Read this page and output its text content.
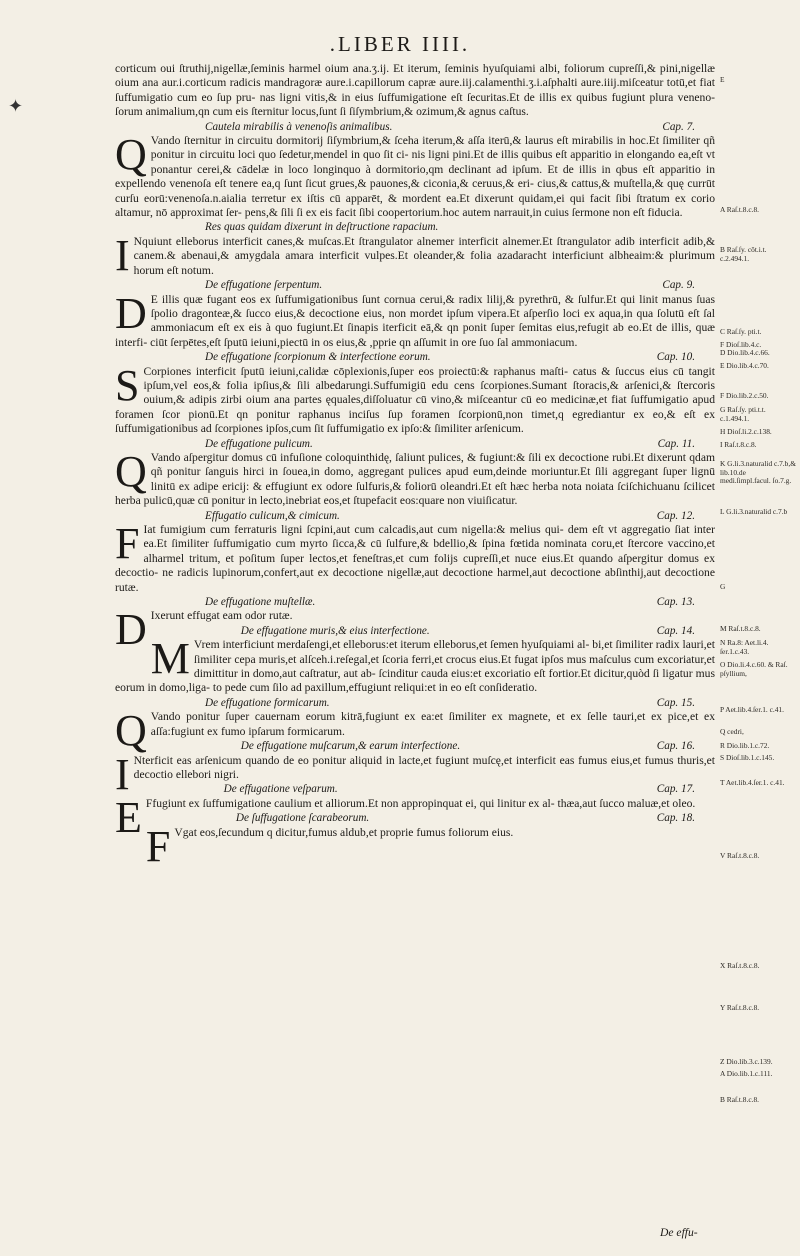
.LIBER IIII.
✦

corticum oui ſtruthij,nigellæ,ſeminis harmel oium ana.ʒ.ij. Et iterum, ſeminis hyuſquiami albi, foliorum cupreſſi,& pini,nigellæ oium ana aur.i.corticum radicis mandragoræ aure.i.capillorum capræ aure.iij.calamenthi.ʒ.i.aſphalti aure.iiij.miſceatur totū,et fiat ſuffumigatio cum eo ſup pru- nas ligni vitis,& in eius ſuffumigatione eſt ſecuritas.Et de illis ex quibus fugiunt plura veneno- ſorum animalium,qn cum eis ſternitur locus,ſunt ſi ſiſymbrium,& ozimum,& agnus caſtus.

Cautela mirabilis à venenoſis animalibus.	Cap. 7.

Q Vando ſternitur in circuitu dormitorij ſiſymbrium,& ſceha iterum,& aſſa iterū,& laurus eſt mirabilis in hoc.Et ſimiliter qñ ponitur in circuitu loci quo ſedetur,mendel in quo ſit ci- nis ligni pini.Et de illis quibus eſt apparitio in elongando ea,eſt vt ponantur cerei,& cādelæ in loco longinquo à dormitorio,qm declinant ad ipſum. Et de illis in qbus eſt apparitio in expellendo venenoſa eſt tenere ea,q ſunt ſicut grues,& pauones,& ciconia,& ceruus,& eri- cius,& cattus,& muſtella,& quę currūt curſu eorū:venenoſa.n.aialia terretur ex iſtis cū apparēt, & mordent ea.Et dixerunt quidam,ei qui facit ſibi ſtratum ex corio altamur, nō approximat ſer- pens,& ſili ſi ex eis facit ſibi coopertorium.hoc autem narrauit,in cuius ſermone non eſt fiducia.

Res quas quidam dixerunt in deſtructione rapacium.

I Nquiunt elleborus interficit canes,& muſcas.Et ſtrangulator alnemer interficit alnemer.Et ſtrangulator adib interficit adib,& canem.& abenaui,& amygdala amara interficit vulpes.Et oleander,& folia azadaracht interficiunt albheaim:& plurimum horum eſt notum.

De effugatione ſerpentum.	Cap. 9.

D E illis quæ fugant eos ex ſuffumigationibus ſunt cornua cerui,& radix lilij,& pyrethrū, & ſulfur.Et qui linit manus ſuas ſpolio dragonteæ,& ſucco eius,& decoctione eius, non mordet ipſum vipera.Et aſperſio loci ex aqua,in qua ſolutū eſt ſal ammoniacum eſt ex eis à quo fugiunt.Et ſinapis iterficit eā,& qn ponit ſuper ſemitas eius,refugit ab eo.Et de illis, quæ interfi- ciūt ſerpētes,eſt ſputū ieiuni,piectū in os eius,& ,pprie qn aſſumit in ore ſuo ſal ammoniacum.

De effugatione ſcorpionum & interfectione eorum.	Cap. 10.

S Corpiones interficit ſputū ieiuni,calidæ cōplexionis,ſuper eos proiectū:& raphanus maſti- catus & ſuccus eius cū tangit ipſum,vel eos,& folia ipſius,& ſili albedarungi.Suffumigiū edu cens ſcorpiones.Sumant ſtoracis,& arſenici,& ſtercoris ouium,& adipis zirbi oium ana partes ęquales,diſſoluatur cū vino,& miſceantur cū eo medicinæ,et fiat ſuffumigatio apud foramen ſcor pionū.Et qn ponitur raphanus inciſus ſup foramen ſcorpionū,non timet,q egrediantur ex eo,& eſt ex ſuffumigationibus ad ſcorpiones ipſos,cum ſit ſuffumigatio ex ipſo:& ſimiliter arſenicum.

De effugatione pulicum.	Cap. 11.

Q Vando aſpergitur domus cū infuſione coloquinthidę, ſaliunt pulices, & fugiunt:& ſili ex decoctione rubi.Et dixerunt qdam qñ ponitur ſanguis hirci in ſouea,in domo, aggregant pulices apud eum,deinde moriuntur.Et ſili aggregant ſuper lignū linitū ex adipe ericij: & effugiunt ex odore ſulfuris,& foliorū oleandri.Et eſt hæc herba nota noiata ſciſchichuanu ſcilicet herba pulicū,quæ cū ponitur in lecto,inebriat eos,et ſtupefacit eos:quare non viuiſicatur.

Effugatio culicum,& cimicum.	Cap. 12.

F Iat fumigium cum ferraturis ligni ſcpini,aut cum calcadis,aut cum nigella:& melius qui- dem eſt vt aggregatio ſiat inter ea.Et ſimiliter ſuffumigatio cum myrto ſicca,& cū ſulfure,& bdellio,& ſpina fœtida nominata coru,et ſtercore vaccino,et alharmel tritum, et poſitum ſuper lectos,et feneſtras,et cum folijs cupreſſi,et nuce eius.Et quando aſpergitur domus ex decoctio- ne radicis lupinorum,confert,aut ex decoctione nigellæ,aut decoctione harmel,aut decoctione abſinthij,aut decoctione rutæ.

De effugatione muſtellæ.	Cap. 13.

D Ixerunt effugat eam odor rutæ.

De effugatione muris,& eius interfectione.	Cap. 14.

M Vrem interficiunt merdaſengi,et elleborus:et iterum elleborus,et ſemen hyuſquiami al- bi,et ſimiliter radix lauri,et ſimiliter cepa muris,et alſceh.i.reſegal,et ſcoria ferri,et crocus eius.Et fugat ipſos mus maſculus cum excoriatur,et dimittitur in domo,aut caſtratur, aut ab- ſcinditur cauda eius:et excoriatio eſt fortior.Et dicitur,quòd ſi ligatur mus eorum in domo,liga- to pede cum ſilo ad paxillum,effugiunt reliqui:et in eo eſt conſideratio.

De effugatione formicarum.	Cap. 15.

Q Vando ponitur ſuper cauernam eorum kitrā,fugiunt ex ea:et ſimiliter ex magnete, et ex ſelle tauri,et ex pice,et ex aſſa:fugiunt ex fumo ipſarum formicarum.

De effugatione muſcarum,& earum interfectione.	Cap. 16.

I Nterficit eas arſenicum quando de eo ponitur aliquid in lacte,et fugiunt muſcę,et interficit eas fumus eius,et fumus thuris,et decoctio ellebori nigri.

De effugatione veſparum.	Cap. 17.

E Ffugiunt ex ſuffumigatione caulium et alliorum.Et non appropinquat ei, qui linitur ex al- thæa,aut ſucco maluæ,et oleo.

De ſuffugatione ſcarabeorum.	Cap. 18.

F Vgat eos,ſecundum q dicitur,fumus aldub,et proprie fumus foliorum eius.

E
A Raſ.t.8.c.8.
B Raſ.ſy. cōt.i.t. c.2.494.1.
C Raſ.ſy. pti.t.
F Dioſ.lib.4.c.
D Dio.lib.4.c.66.
E Dio.lib.4.c.70.
F Dio.lib.2.c.50.
G Raſ.ſy. pti.t.t. c.1.494.1.
H Dioſ.li.2.c.138.
I Raſ.t.8.c.8.
K G.li.3.naturalid c.7.b,& lib.10.de medi.ſimpl.facul. ſo.7.g.
L G.li.3.naturalid c.7.b
G
M Raſ.t.8.c.8.
N Ra.8: Aet.li.4. ſer.1.c.43.
O Dio.li.4.c.60. & Raſ. pſyllium,
P Aet.lib.4.ſer.1. c.41.
Q cedri,
R Dio.lib.1.c.72.
S Dioſ.lib.1.c.145.
T Aet.lib.4.ſer.1. c.41.
V Raſ.t.8.c.8.
X Raſ.t.8.c.8.
Y Raſ.t.8.c.8.
Z Dio.lib.3.c.139.
A Dio.lib.1.c.111.
B Raſ.t.8.c.8.
De effu-
